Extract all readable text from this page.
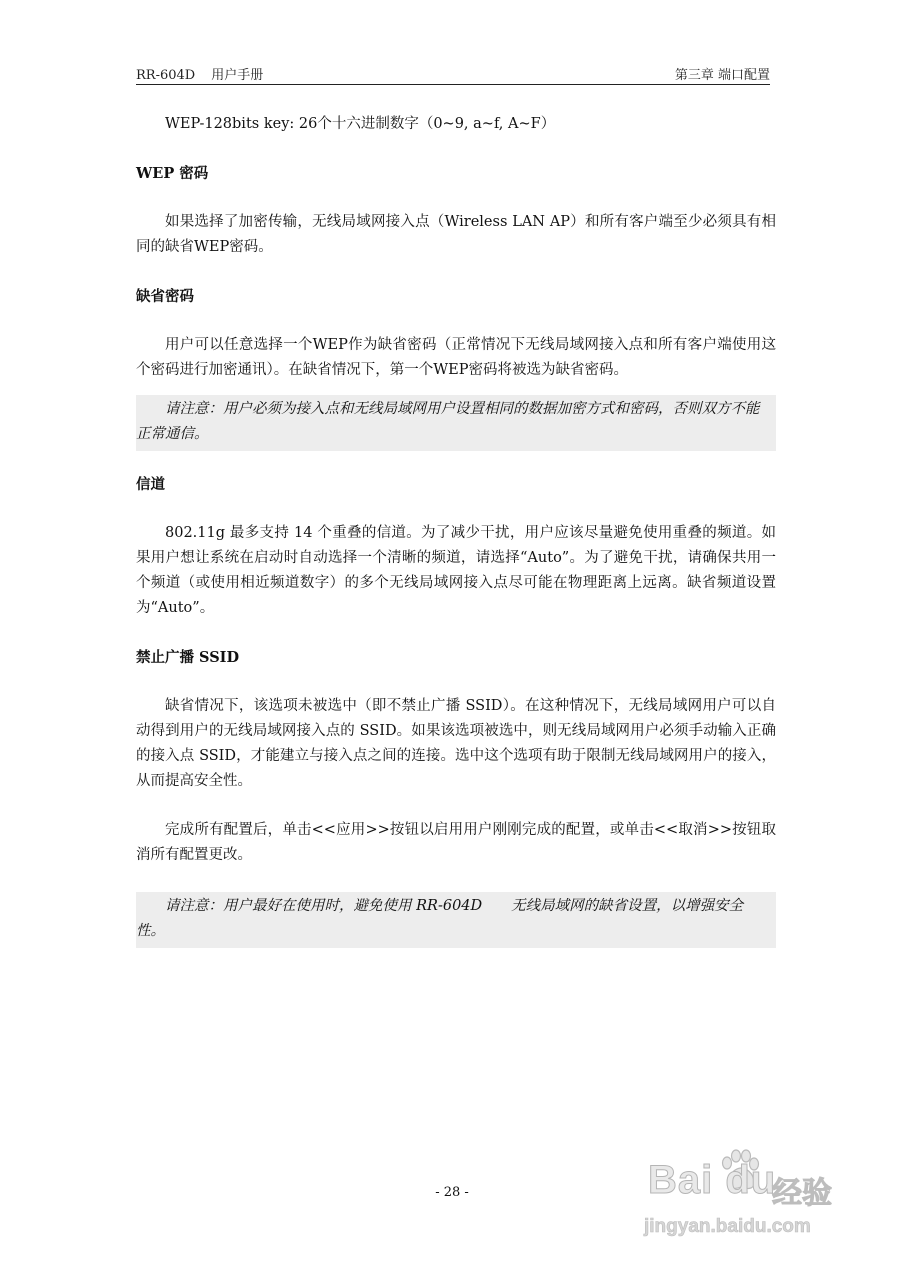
RR-604D 用户手册	第三章 端口配置

WEP-128bits key: 26个十六进制数字（0~9, a~f, A~F）

WEP 密码

如果选择了加密传输，无线局域网接入点（Wireless LAN AP）和所有客户端至少必须具有相同的缺省WEP密码。

缺省密码

用户可以任意选择一个WEP作为缺省密码（正常情况下无线局域网接入点和所有客户端使用这个密码进行加密通讯）。在缺省情况下，第一个WEP密码将被选为缺省密码。

请注意：用户必须为接入点和无线局域网用户设置相同的数据加密方式和密码，否则双方不能正常通信。

信道

802.11g 最多支持 14 个重叠的信道。为了减少干扰，用户应该尽量避免使用重叠的频道。如果用户想让系统在启动时自动选择一个清晰的频道，请选择“Auto”。为了避免干扰，请确保共用一个频道（或使用相近频道数字）的多个无线局域网接入点尽可能在物理距离上远离。缺省频道设置为“Auto”。

禁止广播 SSID

缺省情况下，该选项未被选中（即不禁止广播 SSID）。在这种情况下，无线局域网用户可以自动得到用户的无线局域网接入点的 SSID。如果该选项被选中，则无线局域网用户必须手动输入正确的接入点 SSID，才能建立与接入点之间的连接。选中这个选项有助于限制无线局域网用户的接入，从而提高安全性。

完成所有配置后，单击<<应用>>按钮以启用用户刚刚完成的配置，或单击<<取消>>按钮取消所有配置更改。

请注意：用户最好在使用时，避免使用 RR-604D　　无线局域网的缺省设置，以增强安全性。

- 28 -	Bai du
经验
jingyan.baidu.com
